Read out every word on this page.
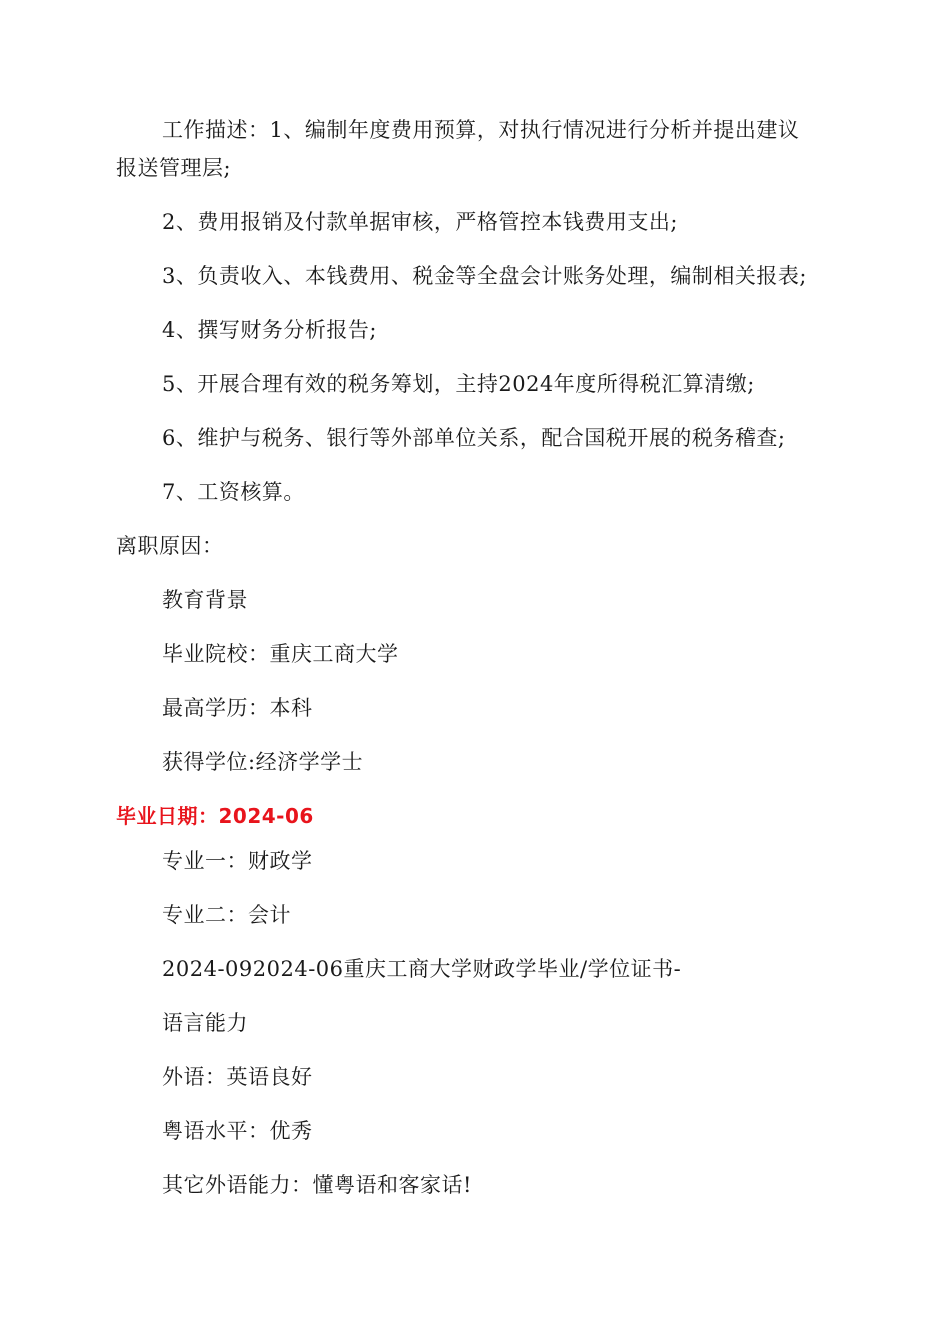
工作描述：1、编制年度费用预算，对执行情况进行分析并提出建议
报送管理层;
2、费用报销及付款单据审核，严格管控本钱费用支出;
3、负责收入、本钱费用、税金等全盘会计账务处理，编制相关报表;
4、撰写财务分析报告;
5、开展合理有效的税务筹划，主持2024年度所得税汇算清缴;
6、维护与税务、银行等外部单位关系，配合国税开展的税务稽查;
7、工资核算。
离职原因：
教育背景
毕业院校：重庆工商大学
最高学历：本科
获得学位:经济学学士
毕业日期：2024-06
专业一：财政学
专业二：会计
2024-092024-06重庆工商大学财政学毕业/学位证书-
语言能力
外语：英语良好
粤语水平：优秀
其它外语能力：懂粤语和客家话!
